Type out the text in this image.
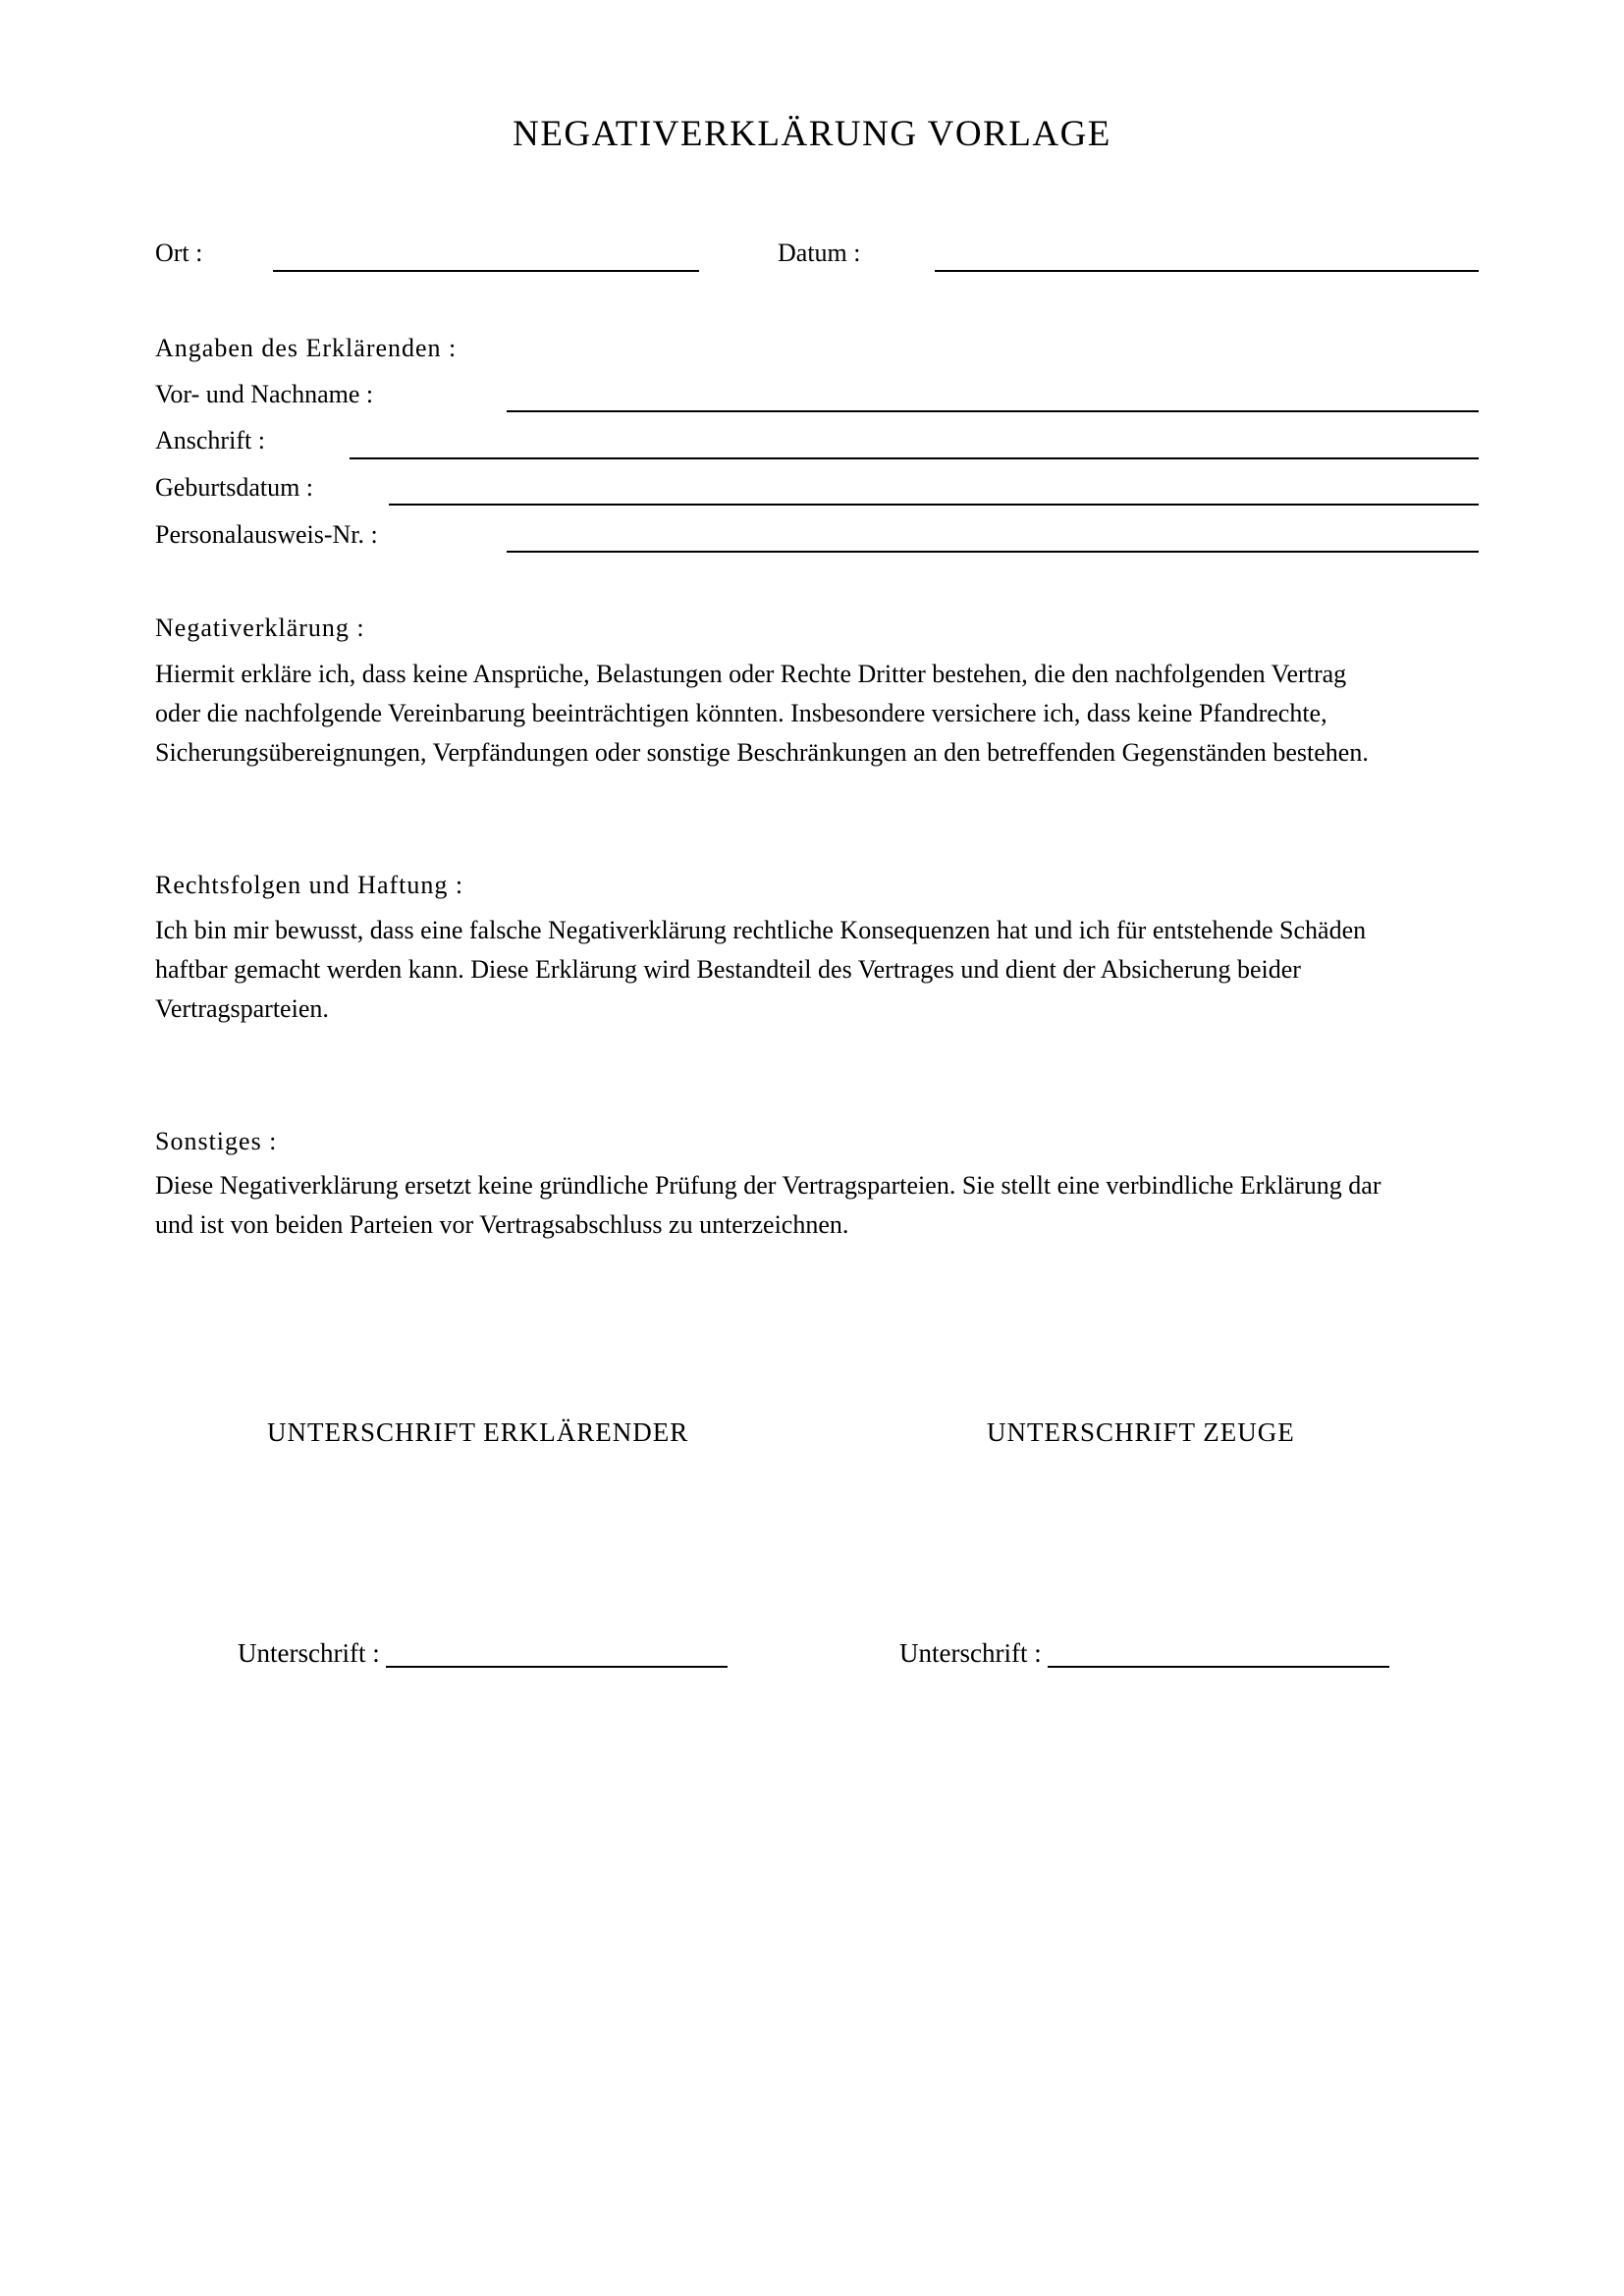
NEGATIVERKLÄRUNG VORLAGE
Ort :	Datum :
Angaben des Erklärenden :
Vor- und Nachname :
Anschrift :
Geburtsdatum :
Personalausweis-Nr. :
Negativerklärung :
Hiermit erkläre ich, dass keine Ansprüche, Belastungen oder Rechte Dritter bestehen, die den nachfolgenden Vertrag
oder die nachfolgende Vereinbarung beeinträchtigen könnten. Insbesondere versichere ich, dass keine Pfandrechte,
Sicherungsübereignungen, Verpfändungen oder sonstige Beschränkungen an den betreffenden Gegenständen bestehen.
Rechtsfolgen und Haftung :
Ich bin mir bewusst, dass eine falsche Negativerklärung rechtliche Konsequenzen hat und ich für entstehende Schäden
haftbar gemacht werden kann. Diese Erklärung wird Bestandteil des Vertrages und dient der Absicherung beider
Vertragsparteien.
Sonstiges :
Diese Negativerklärung ersetzt keine gründliche Prüfung der Vertragsparteien. Sie stellt eine verbindliche Erklärung dar
und ist von beiden Parteien vor Vertragsabschluss zu unterzeichnen.
UNTERSCHRIFT ERKLÄRENDER	UNTERSCHRIFT ZEUGE
Unterschrift :	Unterschrift :
